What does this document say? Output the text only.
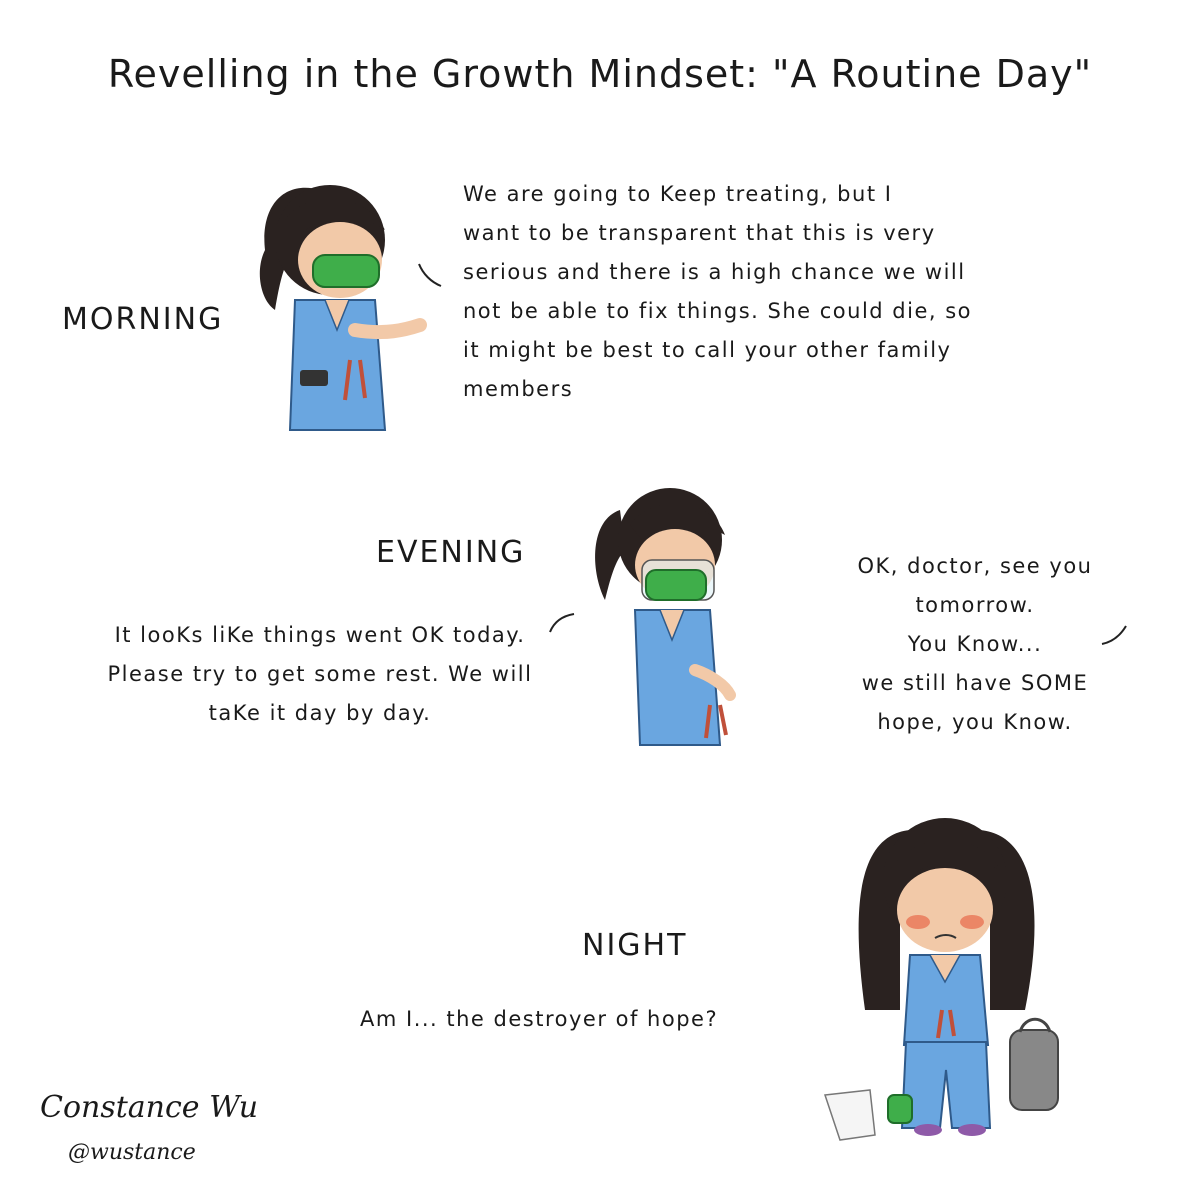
Revelling in the Growth Mindset: "A Routine Day"
MORNING
We are going to Keep treating, but I
want to be transparent that this is very
serious and there is a high chance we will
not be able to fix things. She could die, so
it might be best to call your other family
members
EVENING
It looKs liKe things went OK today.
Please try to get some rest. We will
taKe it day by day.
OK, doctor, see you
tomorrow.
You Know...
we still have SOME
hope, you Know.
NIGHT
Am I... the destroyer of hope?
Constance Wu
@wustance
